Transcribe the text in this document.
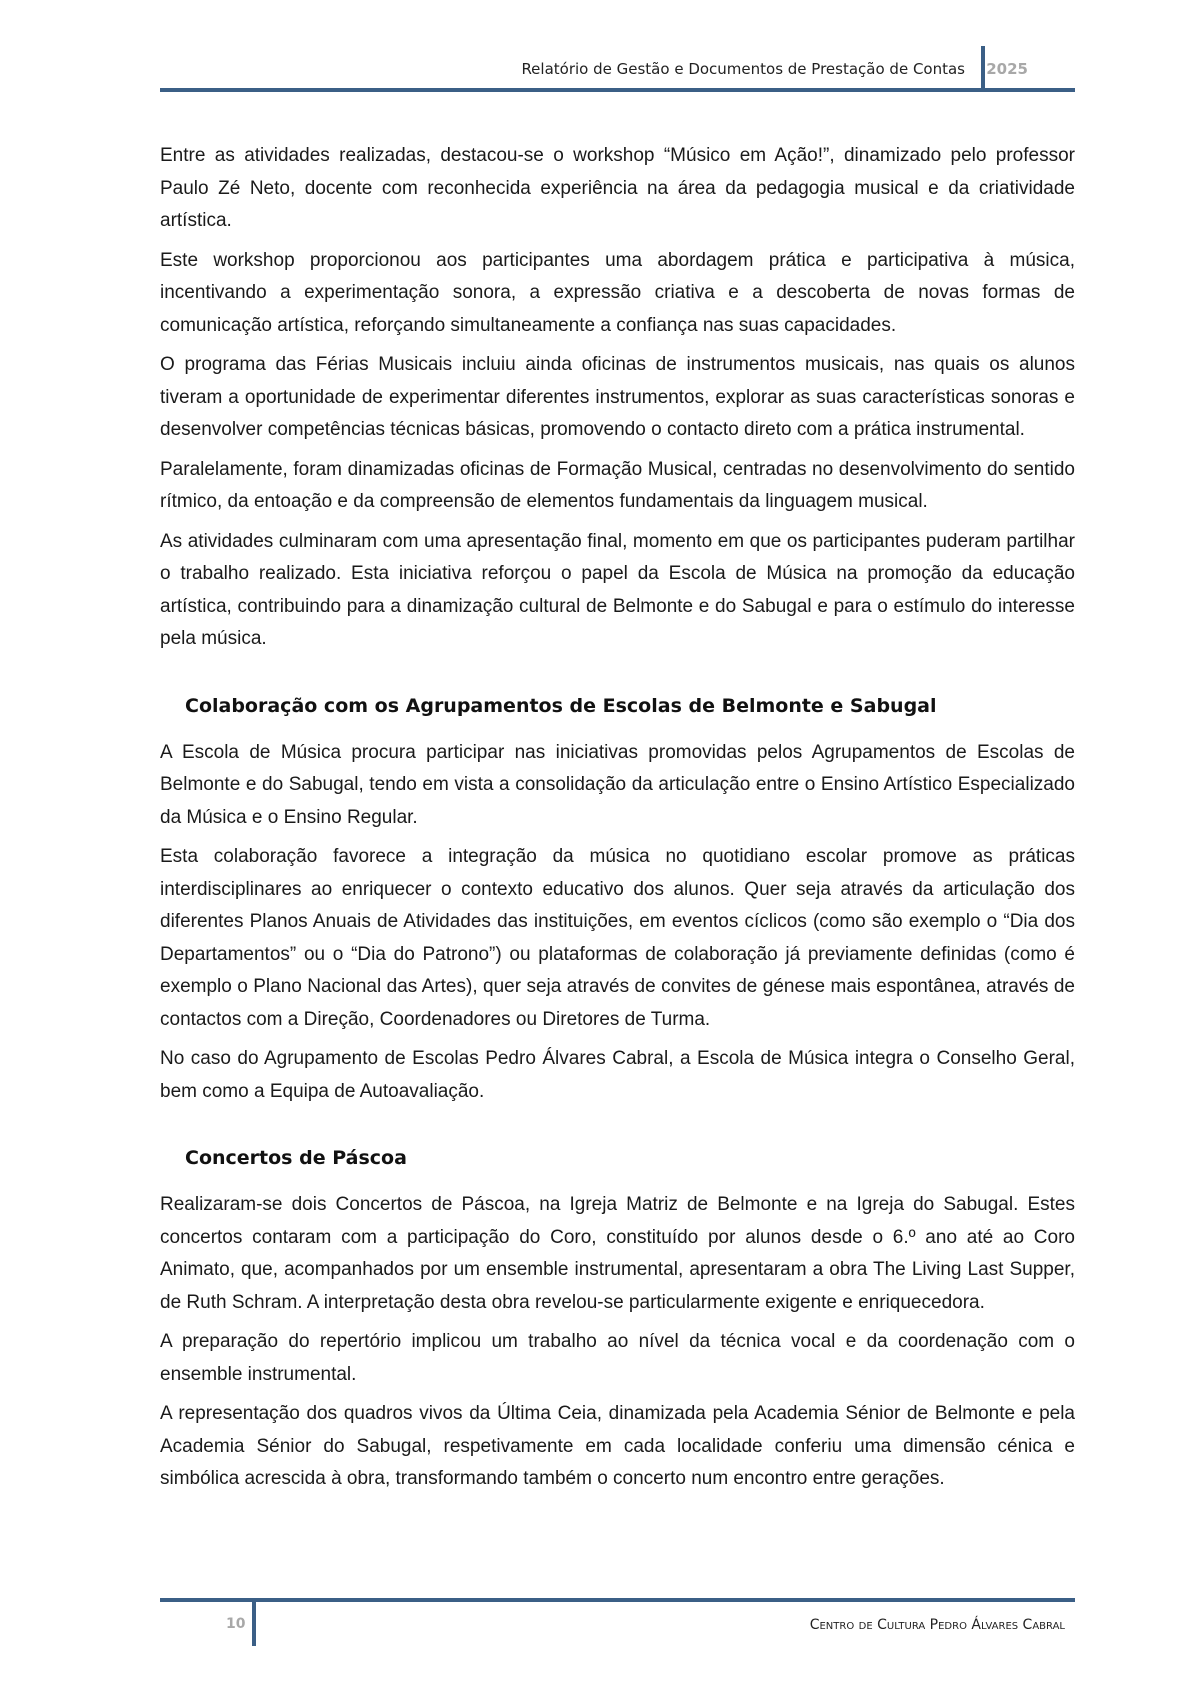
Relatório de Gestão e Documentos de Prestação de Contas 2025

Entre as atividades realizadas, destacou-se o workshop “Músico em Ação!”, dinamizado pelo professor Paulo Zé Neto, docente com reconhecida experiência na área da pedagogia musical e da criatividade artística.

Este workshop proporcionou aos participantes uma abordagem prática e participativa à música, incentivando a experimentação sonora, a expressão criativa e a descoberta de novas formas de comunicação artística, reforçando simultaneamente a confiança nas suas capacidades.

O programa das Férias Musicais incluiu ainda oficinas de instrumentos musicais, nas quais os alunos tiveram a oportunidade de experimentar diferentes instrumentos, explorar as suas características sonoras e desenvolver competências técnicas básicas, promovendo o contacto direto com a prática instrumental.

Paralelamente, foram dinamizadas oficinas de Formação Musical, centradas no desenvolvimento do sentido rítmico, da entoação e da compreensão de elementos fundamentais da linguagem musical.

As atividades culminaram com uma apresentação final, momento em que os participantes puderam partilhar o trabalho realizado. Esta iniciativa reforçou o papel da Escola de Música na promoção da educação artística, contribuindo para a dinamização cultural de Belmonte e do Sabugal e para o estímulo do interesse pela música.

Colaboração com os Agrupamentos de Escolas de Belmonte e Sabugal

A Escola de Música procura participar nas iniciativas promovidas pelos Agrupamentos de Escolas de Belmonte e do Sabugal, tendo em vista a consolidação da articulação entre o Ensino Artístico Especializado da Música e o Ensino Regular.

Esta colaboração favorece a integração da música no quotidiano escolar promove as práticas interdisciplinares ao enriquecer o contexto educativo dos alunos. Quer seja através da articulação dos diferentes Planos Anuais de Atividades das instituições, em eventos cíclicos (como são exemplo o “Dia dos Departamentos” ou o “Dia do Patrono”) ou plataformas de colaboração já previamente definidas (como é exemplo o Plano Nacional das Artes), quer seja através de convites de génese mais espontânea, através de contactos com a Direção, Coordenadores ou Diretores de Turma.

No caso do Agrupamento de Escolas Pedro Álvares Cabral, a Escola de Música integra o Conselho Geral, bem como a Equipa de Autoavaliação.

Concertos de Páscoa

Realizaram-se dois Concertos de Páscoa, na Igreja Matriz de Belmonte e na Igreja do Sabugal. Estes concertos contaram com a participação do Coro, constituído por alunos desde o 6.º ano até ao Coro Animato, que, acompanhados por um ensemble instrumental, apresentaram a obra The Living Last Supper, de Ruth Schram. A interpretação desta obra revelou-se particularmente exigente e enriquecedora.

A preparação do repertório implicou um trabalho ao nível da técnica vocal e da coordenação com o ensemble instrumental.

A representação dos quadros vivos da Última Ceia, dinamizada pela Academia Sénior de Belmonte e pela Academia Sénior do Sabugal, respetivamente em cada localidade conferiu uma dimensão cénica e simbólica acrescida à obra, transformando também o concerto num encontro entre gerações.

10	Centro de Cultura Pedro Álvares Cabral
